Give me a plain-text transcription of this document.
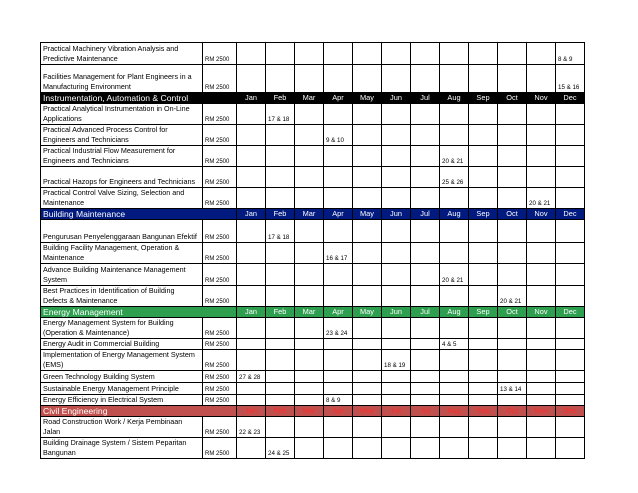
Practical Machinery Vibration Analysis and Predictive Maintenance	RM 2500												8 & 9
Facilities Management for Plant Engineers in a Manufacturing Environment	RM 2500												15 & 16
Instrumentation, Automation & Control		Jan	Feb	Mar	Apr	May	Jun	Jul	Aug	Sep	Oct	Nov	Dec
Practical Analytical Instrumentation in On-Line Applications	RM 2500		17 & 18										
Practical Advanced Process Control for Engineers and Technicians	RM 2500				9 & 10								
Practical Industrial Flow Measurement for Engineers and Technicians	RM 2500								20 & 21				
Practical Hazops for Engineers and Technicians	RM 2500								25 & 26				
Practical Control Valve Sizing, Selection and Maintenance	RM 2500											20 & 21	
Building Maintenance		Jan	Feb	Mar	Apr	May	Jun	Jul	Aug	Sep	Oct	Nov	Dec
Pengurusan Penyelenggaraan Bangunan Efektif	RM 2500		17 & 18										
Building Facility Management, Operation & Maintenance	RM 2500				16 & 17								
Advance Building Maintenance Management System	RM 2500								20 & 21				
Best Practices in Identification of Building Defects & Maintenance	RM 2500										20 & 21		
Energy Management		Jan	Feb	Mar	Apr	May	Jun	Jul	Aug	Sep	Oct	Nov	Dec
Energy Management System for Building (Operation & Maintenance)	RM 2500				23 & 24								
Energy Audit in Commercial Building	RM 2500								4 & 5				
Implementation of Energy Management System (EMS)	RM 2500						18 & 19						
Green Technology Building System	RM 2500	27 & 28											
Sustainable Energy Management Principle	RM 2500										13 & 14		
Energy Efficiency in Electrical System	RM 2500				8 & 9								
Civil Engineering		Jan	Feb	Mar	Apr	May	Jun	Jul	Aug	Sep	Oct	Nov	Dec
Road Construction Work / Kerja Pembinaan Jalan	RM 2500	22 & 23											
Building Drainage System / Sistem Peparitan Bangunan	RM 2500		24 & 25										
